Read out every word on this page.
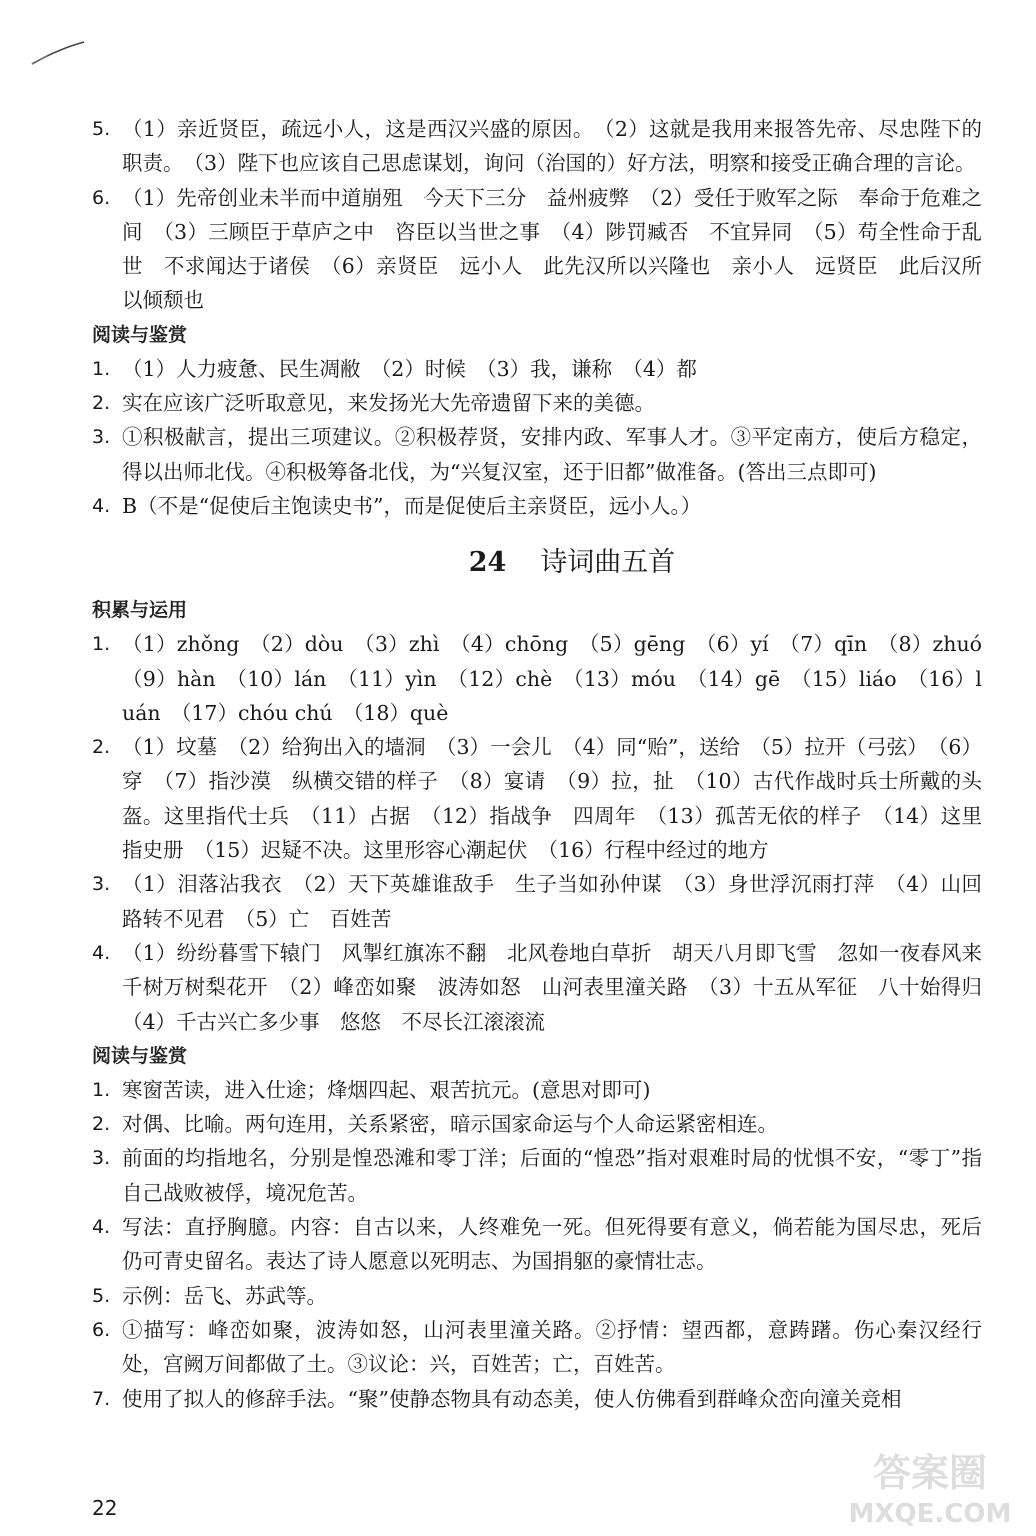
5. （1）亲近贤臣，疏远小人，这是西汉兴盛的原因。　（2）这就是我用来报答先帝、尽忠陛下的职责。　（3）陛下也应该自己思虑谋划，询问（治国的）好方法，明察和接受正确合理的言论。
6. （1）先帝创业未半而中道崩殂　今天下三分　益州疲弊　（2）受任于败军之际　奉命于危难之间　（3）三顾臣于草庐之中　咨臣以当世之事　（4）陟罚臧否　不宜异同　（5）苟全性命于乱世　不求闻达于诸侯　（6）亲贤臣　远小人　此先汉所以兴隆也　亲小人　远贤臣　此后汉所以倾颓也
阅读与鉴赏
1. （1）人力疲惫、民生凋敝　（2）时候　（3）我，谦称　（4）都
2. 实在应该广泛听取意见，来发扬光大先帝遗留下来的美德。
3. ①积极献言，提出三项建议。②积极荐贤，安排内政、军事人才。③平定南方，使后方稳定，得以出师北伐。④积极筹备北伐，为“兴复汉室，还于旧都”做准备。(答出三点即可)
4. B（不是“促使后主饱读史书”，而是促使后主亲贤臣，远小人。）
24 诗词曲五首
积累与运用
1. （1）zhǒng　（2）dòu　（3）zhì　（4）chōng　（5）gēng　（6）yí　（7）qīn　（8）zhuó　（9）hàn　（10）lán　（11）yìn　（12）chè　（13）móu　（14）gē　（15）liáo　（16）luán　（17）chóu chú　（18）què
2. （1）坟墓　（2）给狗出入的墙洞　（3）一会儿　（4）同“贻”，送给　（5）拉开（弓弦）　（6）穿　（7）指沙漠　纵横交错的样子　（8）宴请　（9）拉，扯　（10）古代作战时兵士所戴的头盔。这里指代士兵　（11）占据　（12）指战争　四周年　（13）孤苦无依的样子　（14）这里指史册　（15）迟疑不决。这里形容心潮起伏　（16）行程中经过的地方
3. （1）泪落沾我衣　（2）天下英雄谁敌手　生子当如孙仲谋　（3）身世浮沉雨打萍　（4）山回路转不见君　（5）亡　百姓苦
4. （1）纷纷暮雪下辕门　风掣红旗冻不翻　北风卷地白草折　胡天八月即飞雪　忽如一夜春风来　千树万树梨花开　（2）峰峦如聚　波涛如怒　山河表里潼关路　（3）十五从军征　八十始得归　（4）千古兴亡多少事　悠悠　不尽长江滚滚流
阅读与鉴赏
1. 寒窗苦读，进入仕途；烽烟四起、艰苦抗元。(意思对即可)
2. 对偶、比喻。两句连用，关系紧密，暗示国家命运与个人命运紧密相连。
3. 前面的均指地名，分别是惶恐滩和零丁洋；后面的“惶恐”指对艰难时局的忧惧不安，“零丁”指自己战败被俘，境况危苦。
4. 写法：直抒胸臆。内容：自古以来，人终难免一死。但死得要有意义，倘若能为国尽忠，死后仍可青史留名。表达了诗人愿意以死明志、为国捐躯的豪情壮志。
5. 示例：岳飞、苏武等。
6. ①描写：峰峦如聚，波涛如怒，山河表里潼关路。②抒情：望西都，意踌躇。伤心秦汉经行处，宫阙万间都做了土。③议论：兴，百姓苦；亡，百姓苦。
7. 使用了拟人的修辞手法。“聚”使静态物具有动态美，使人仿佛看到群峰众峦向潼关竞相
22
答案圈
MXQE.COM
